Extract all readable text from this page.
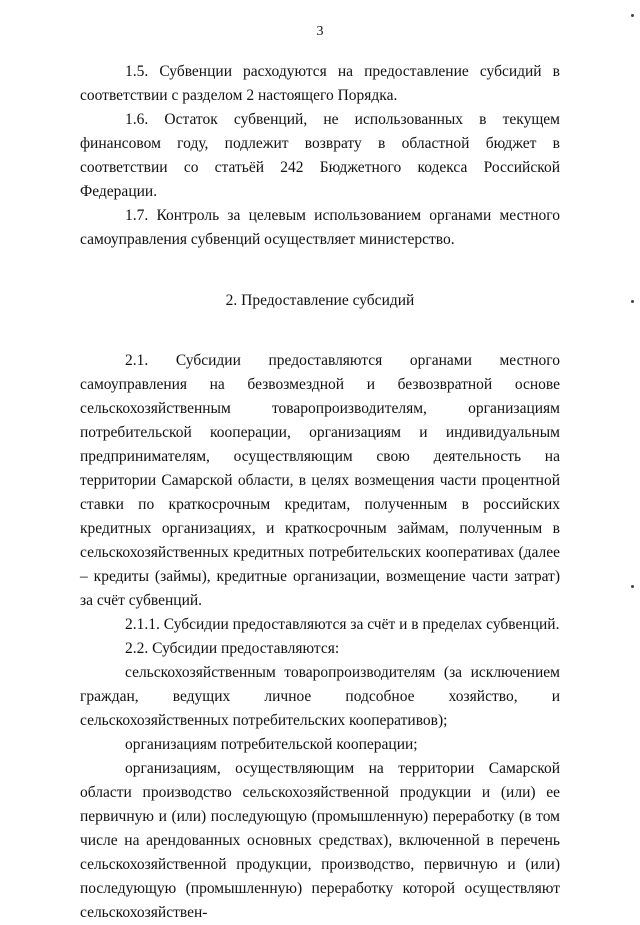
3

1.5. Субвенции расходуются на предоставление субсидий в соответствии с разделом 2 настоящего Порядка.

1.6. Остаток субвенций, не использованных в текущем финансовом году, подлежит возврату в областной бюджет в соответствии со статьёй 242 Бюджетного кодекса Российской Федерации.

1.7. Контроль за целевым использованием органами местного самоуправления субвенций осуществляет министерство.

2. Предоставление субсидий

2.1. Субсидии предоставляются органами местного самоуправления на безвозмездной и безвозвратной основе сельскохозяйственным товаропроизводителям, организациям потребительской кооперации, организациям и индивидуальным предпринимателям, осуществляющим свою деятельность на территории Самарской области, в целях возмещения части процентной ставки по краткосрочным кредитам, полученным в российских кредитных организациях, и краткосрочным займам, полученным в сельскохозяйственных кредитных потребительских кооперативах (далее – кредиты (займы), кредитные организации, возмещение части затрат) за счёт субвенций.

2.1.1. Субсидии предоставляются за счёт и в пределах субвенций.

2.2. Субсидии предоставляются:

сельскохозяйственным товаропроизводителям (за исключением граждан, ведущих личное подсобное хозяйство, и сельскохозяйственных потребительских кооперативов);

организациям потребительской кооперации;

организациям, осуществляющим на территории Самарской области производство сельскохозяйственной продукции и (или) ее первичную и (или) последующую (промышленную) переработку (в том числе на арендованных основных средствах), включенной в перечень сельскохозяйственной продукции, производство, первичную и (или) последующую (промышленную) переработку которой осуществляют сельскохозяйствен-
